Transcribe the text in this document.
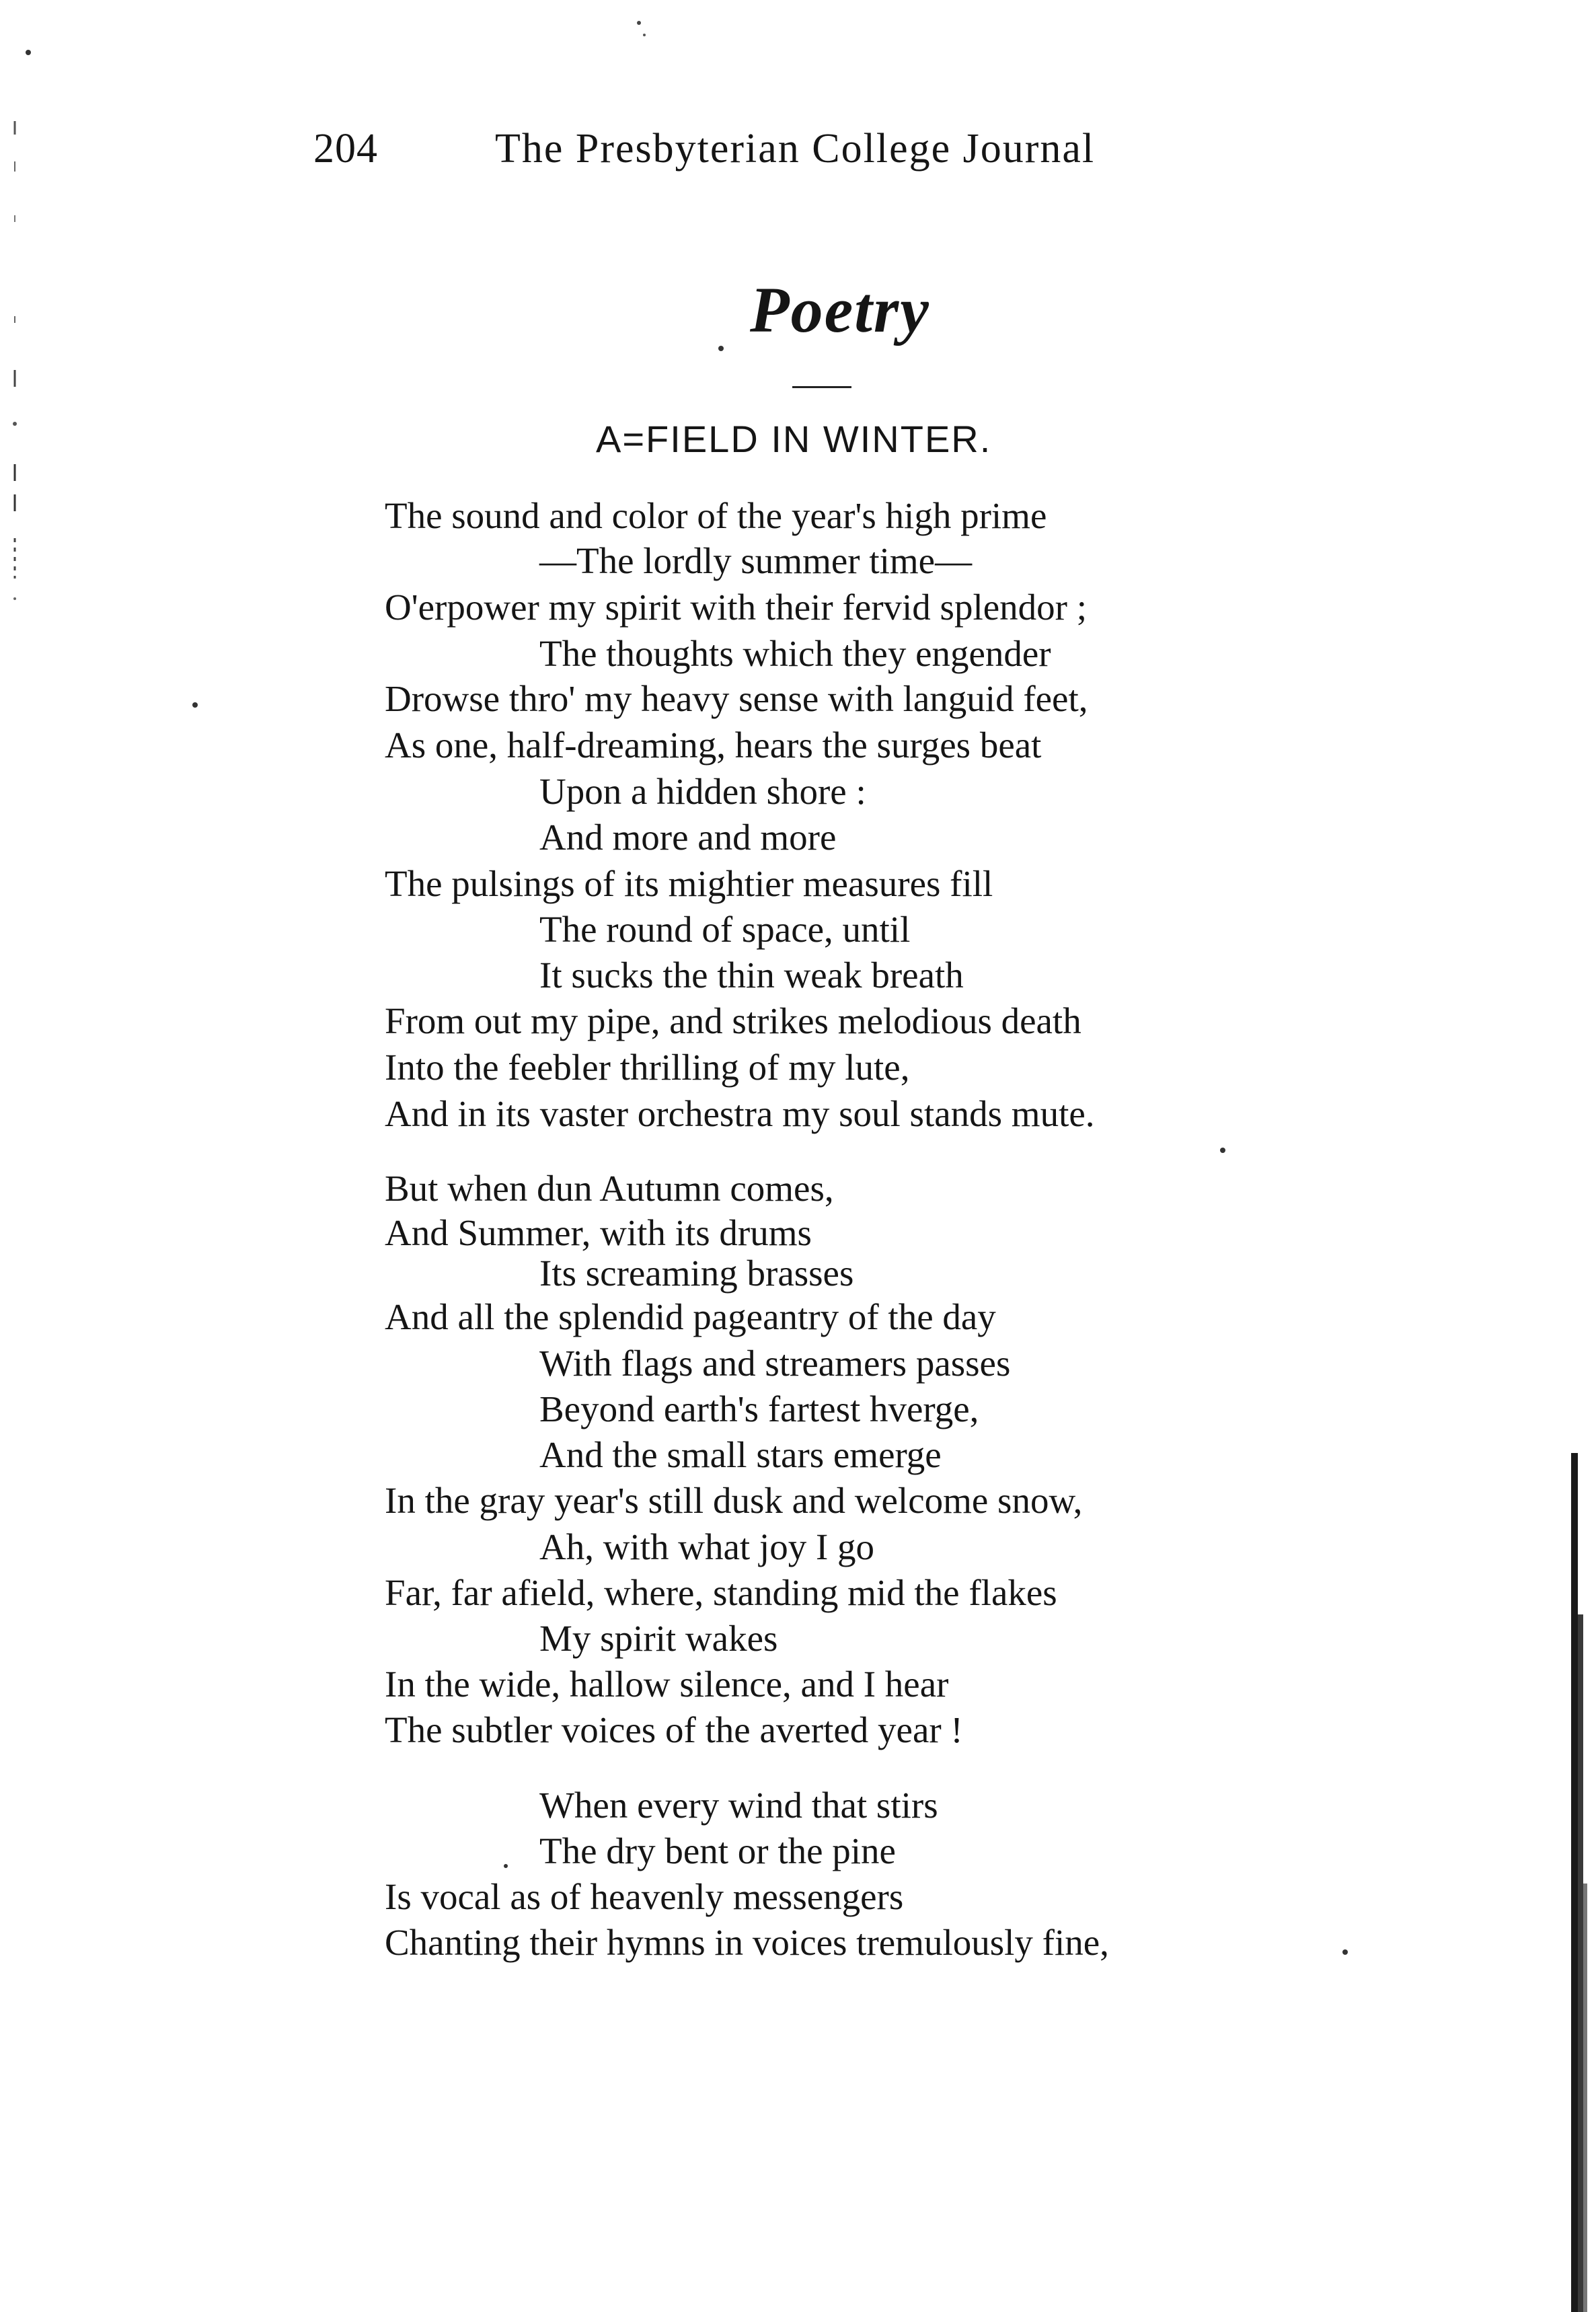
204	The Presbyterian College Journal
Poetry
A=FIELD IN WINTER.
The sound and color of the year's high prime
—The lordly summer time—
O'erpower my spirit with their fervid splendor ;
The thoughts which they engender
Drowse thro' my heavy sense with languid feet,
As one, half-dreaming, hears the surges beat
Upon a hidden shore :
And more and more
The pulsings of its mightier measures fill
The round of space, until
It sucks the thin weak breath
From out my pipe, and strikes melodious death
Into the feebler thrilling of my lute,
And in its vaster orchestra my soul stands mute.
But when dun Autumn comes,
And Summer, with its drums
Its screaming brasses
And all the splendid pageantry of the day
With flags and streamers passes
Beyond earth's fartest hverge,
And the small stars emerge
In the gray year's still dusk and welcome snow,
Ah, with what joy I go
Far, far afield, where, standing mid the flakes
My spirit wakes
In the wide, hallow silence, and I hear
The subtler voices of the averted year !
When every wind that stirs
The dry bent or the pine
Is vocal as of heavenly messengers
Chanting their hymns in voices tremulously fine,
